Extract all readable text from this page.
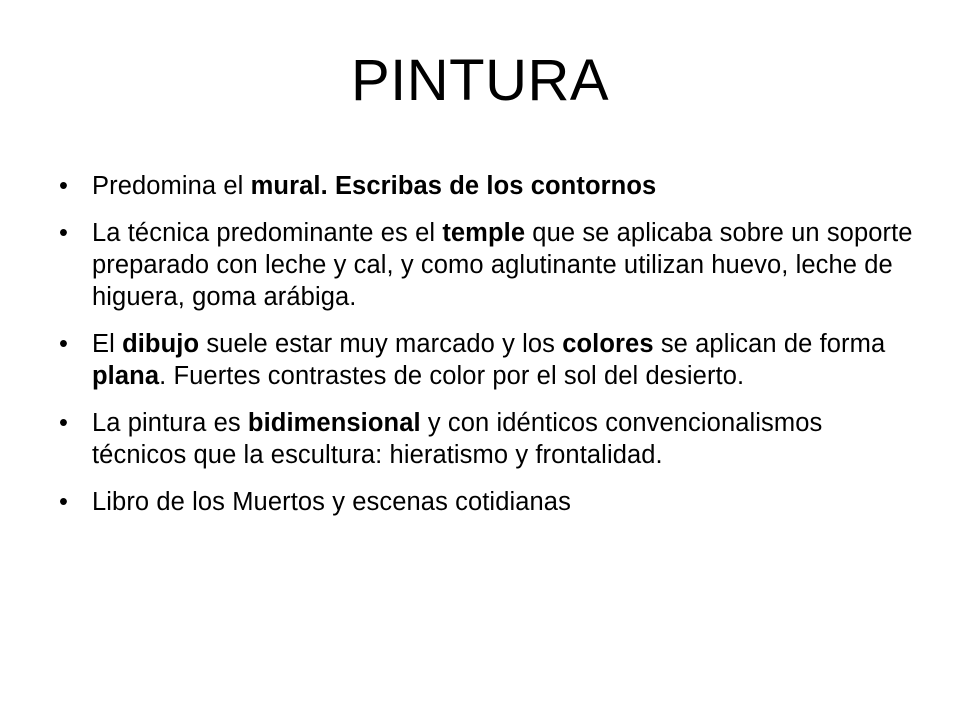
PINTURA
• Predomina el mural. Escribas de los contornos
• La técnica predominante es el temple que se aplicaba sobre un soporte preparado con leche y cal, y como aglutinante utilizan huevo, leche de higuera, goma arábiga.
• El dibujo suele estar muy marcado y los colores se aplican de forma plana. Fuertes contrastes de color por el sol del desierto.
• La pintura es bidimensional y con idénticos convencionalismos técnicos que la escultura: hieratismo y frontalidad.
• Libro de los Muertos y escenas cotidianas
